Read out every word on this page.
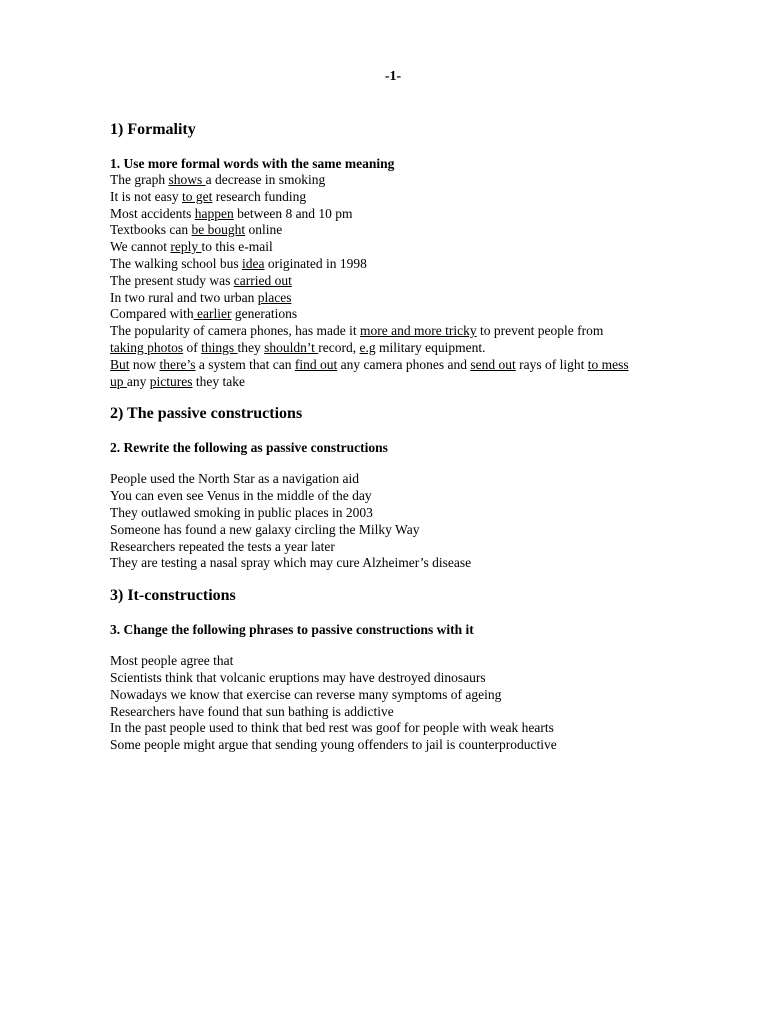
-1-
1) Formality
1. Use more formal words with the same meaning
The graph shows a decrease in smoking
It is not easy to get research funding
Most accidents happen between 8 and 10 pm
Textbooks can be bought online
We cannot reply to this e-mail
The walking school bus idea originated in 1998
The present study was carried out
In two rural and two urban places
Compared with earlier generations
The popularity of camera phones, has made it more and more tricky to prevent people from
taking photos of things they shouldn’t record, e.g military equipment.
But now there’s a system that can find out any camera phones and send out rays of light to mess
up any pictures they take
2) The passive constructions
2. Rewrite the following as passive constructions
People used the North Star as a navigation aid
You can even see Venus in the middle of the day
They outlawed smoking in public places in 2003
Someone has found a new galaxy circling the Milky Way
Researchers repeated the tests a year later
They are testing a nasal spray which may cure Alzheimer’s disease
3) It-constructions
3. Change the following phrases to passive constructions with it
Most people agree that
Scientists think that volcanic eruptions may have destroyed dinosaurs
Nowadays we know that exercise can reverse many symptoms of ageing
Researchers have found that sun bathing is addictive
In the past people used to think that bed rest was goof for people with weak hearts
Some people might argue that sending young offenders to jail is counterproductive
